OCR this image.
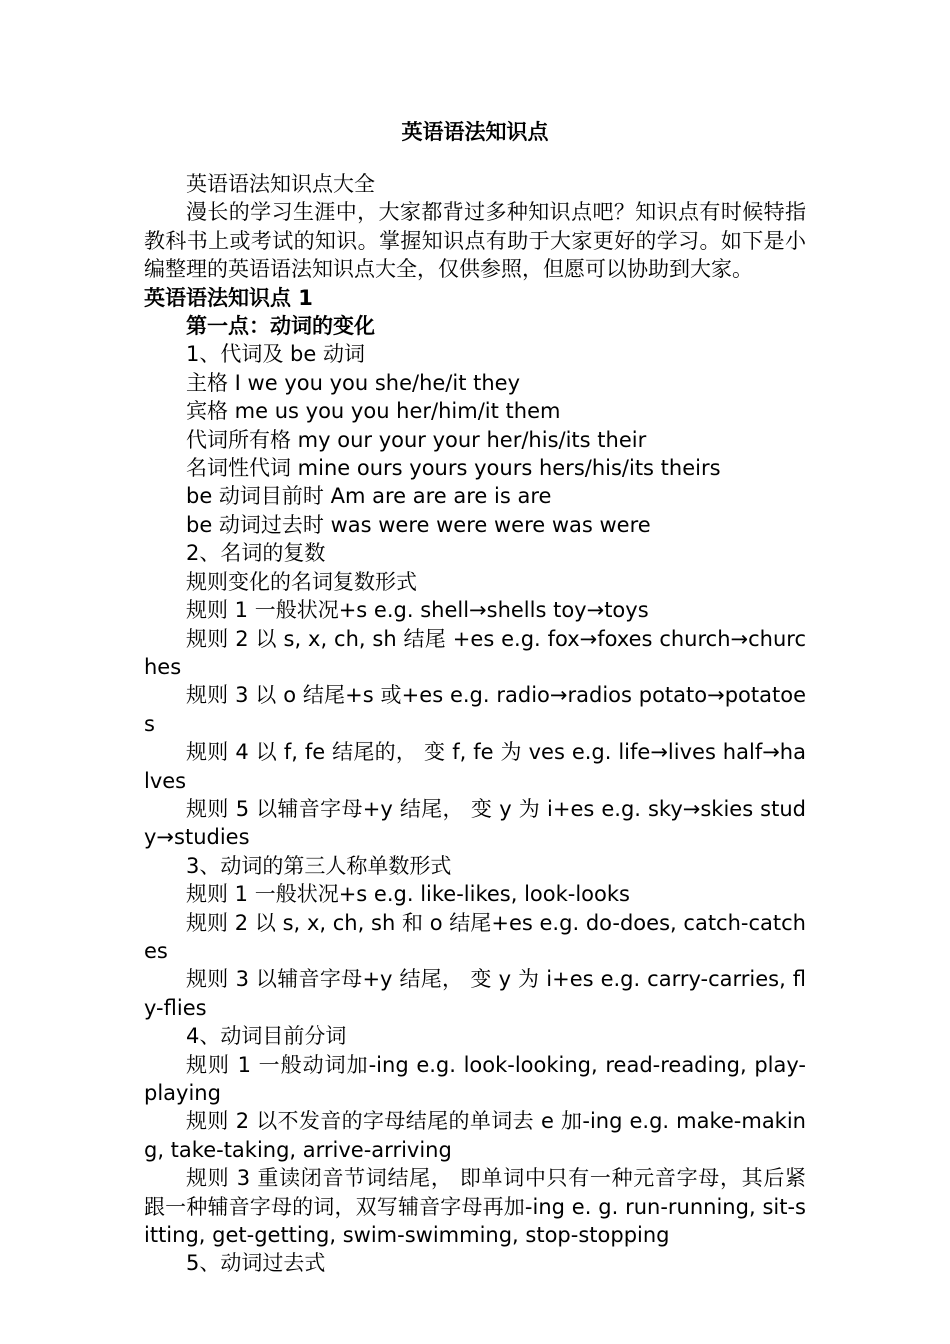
英语语法知识点

英语语法知识点大全

漫长的学习生涯中，大家都背过多种知识点吧？知识点有时候特指教科书上或考试的知识。掌握知识点有助于大家更好的学习。如下是小编整理的英语语法知识点大全，仅供参照，但愿可以协助到大家。

英语语法知识点 1

第一点：动词的变化

1、代词及 be 动词

主格 I we you you she/he/it they

宾格 me us you you her/him/it them

代词所有格 my our your your her/his/its their

名词性代词 mine ours yours yours hers/his/its theirs

be 动词目前时 Am are are are is are

be 动词过去时 was were were were was were

2、名词的复数

规则变化的名词复数形式

规则 1 一般状况+s e.g. shell→shells toy→toys

规则 2 以 s, x, ch, sh 结尾 +es e.g. fox→foxes church→churches

规则 3 以 o 结尾+s 或+es e.g. radio→radios potato→potatoes

规则 4 以 f, fe 结尾的， 变 f, fe 为 ves e.g. life→lives half→halves

规则 5 以辅音字母+y 结尾， 变 y 为 i+es e.g. sky→skies study→studies

3、动词的第三人称单数形式

规则 1 一般状况+s e.g. like-likes, look-looks

规则 2 以 s, x, ch, sh 和 o 结尾+es e.g. do-does, catch-catches

规则 3 以辅音字母+y 结尾， 变 y 为 i+es e.g. carry-carries, fly-flies

4、动词目前分词

规则 1 一般动词加-ing e.g. look-looking, read-reading, play-playing

规则 2 以不发音的字母结尾的单词去 e 加-ing e.g. make-making, take-taking, arrive-arriving

规则 3 重读闭音节词结尾， 即单词中只有一种元音字母，其后紧跟一种辅音字母的词，双写辅音字母再加-ing e. g. run-running, sit-sitting, get-getting, swim-swimming, stop-stopping

5、动词过去式
